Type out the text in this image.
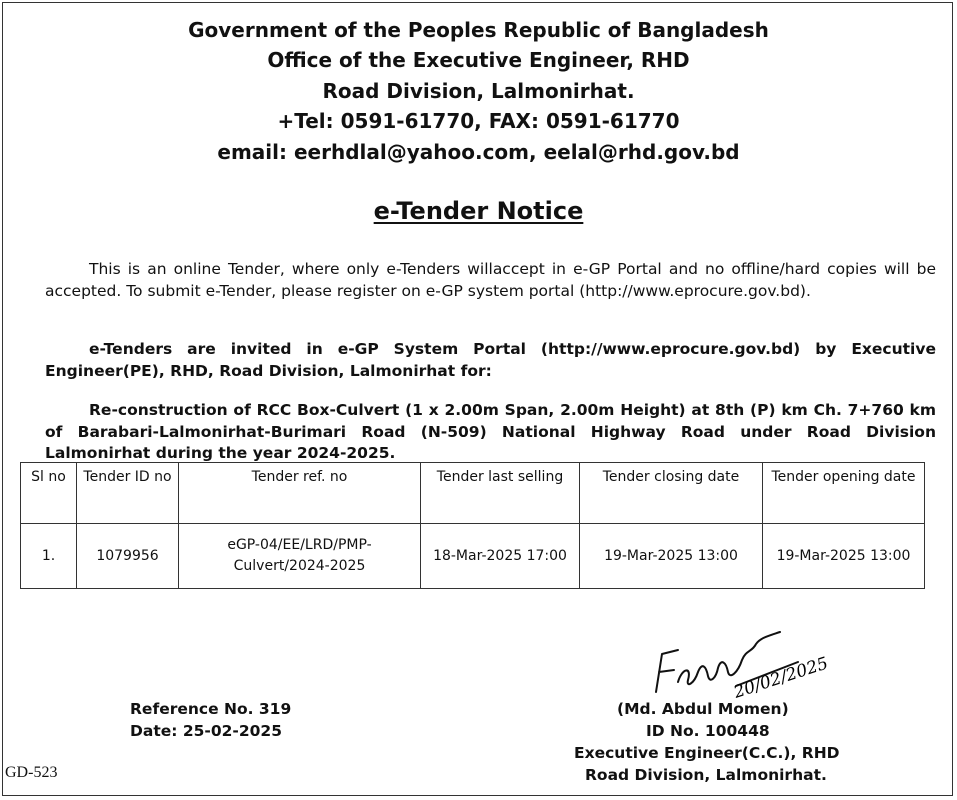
Government of the Peoples Republic of Bangladesh
Office of the Executive Engineer, RHD
Road Division, Lalmonirhat.
+Tel: 0591-61770, FAX: 0591-61770
email: eerhdlal@yahoo.com, eelal@rhd.gov.bd
e-Tender Notice
This is an online Tender, where only e-Tenders willaccept in e-GP Portal and no offline/hard copies will be accepted. To submit e-Tender, please register on e-GP system portal (http://www.eprocure.gov.bd).
e-Tenders are invited in e-GP System Portal (http://www.eprocure.gov.bd) by Executive Engineer(PE), RHD, Road Division, Lalmonirhat for:
Re-construction of RCC Box-Culvert (1 x 2.00m Span, 2.00m Height) at 8th (P) km Ch. 7+760 km of Barabari-Lalmonirhat-Burimari Road (N-509) National Highway Road under Road Division Lalmonirhat during the year 2024-2025.
Sl no	Tender ID no	Tender ref. no	Tender last selling	Tender closing date	Tender opening date
1.	1079956	eGP-04/EE/LRD/PMP-Culvert/2024-2025	18-Mar-2025 17:00	19-Mar-2025 13:00	19-Mar-2025 13:00
20/02/2025
Reference No. 319
Date: 25-02-2025
(Md. Abdul Momen)
ID No. 100448
Executive Engineer(C.C.), RHD
Road Division, Lalmonirhat.
GD-523
